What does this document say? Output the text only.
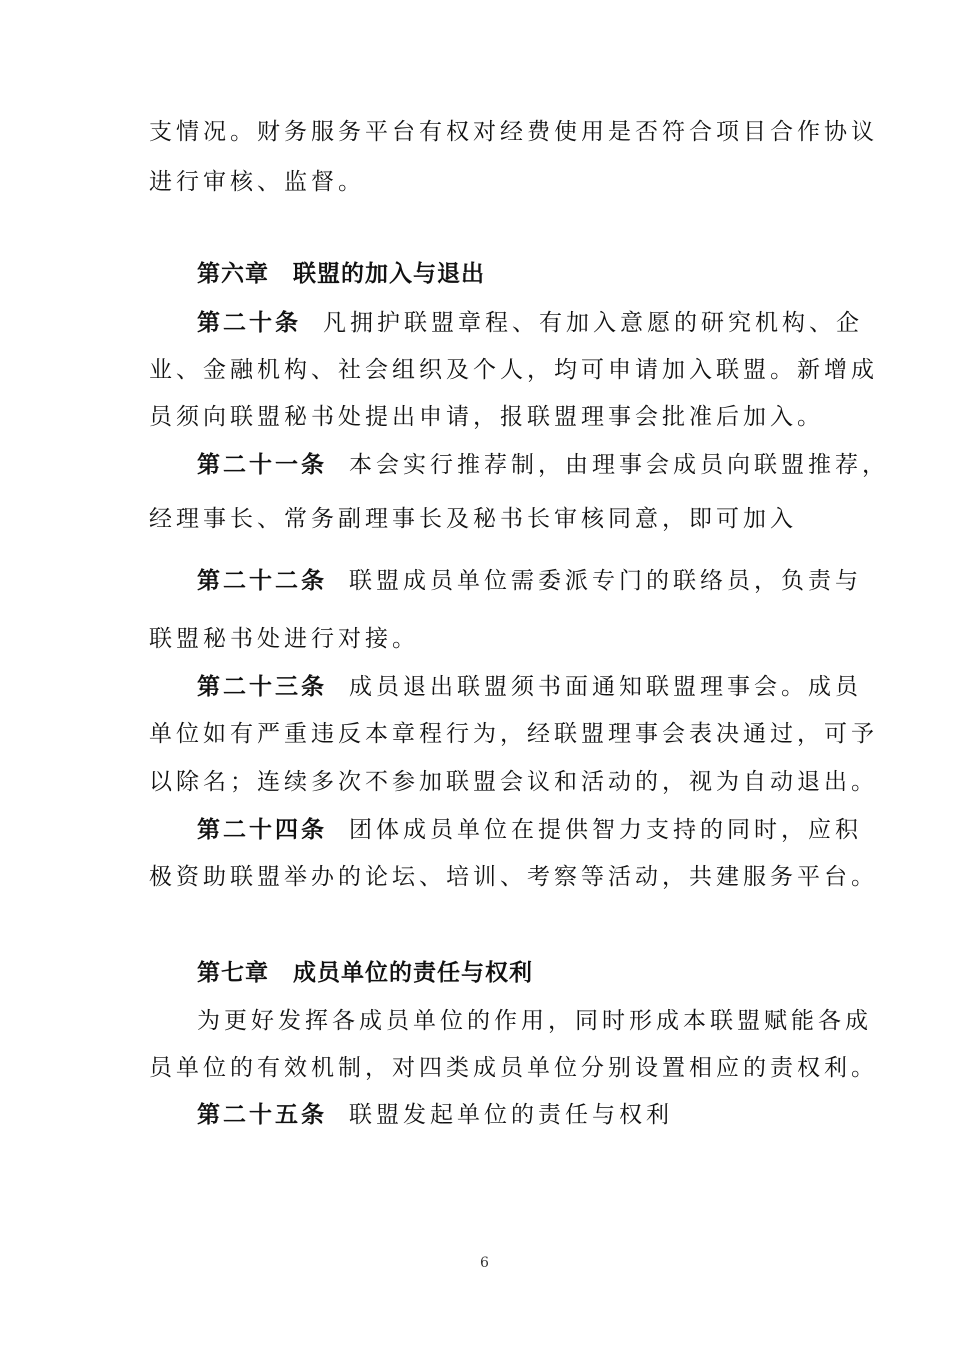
支情况。财务服务平台有权对经费使用是否符合项目合作协议
进行审核、监督。
第六章 联盟的加入与退出
第二十条 凡拥护联盟章程、有加入意愿的研究机构、企
业、金融机构、社会组织及个人，均可申请加入联盟。新增成
员须向联盟秘书处提出申请，报联盟理事会批准后加入。
第二十一条 本会实行推荐制，由理事会成员向联盟推荐，
经理事长、常务副理事长及秘书长审核同意，即可加入
第二十二条 联盟成员单位需委派专门的联络员，负责与
联盟秘书处进行对接。
第二十三条 成员退出联盟须书面通知联盟理事会。成员
单位如有严重违反本章程行为，经联盟理事会表决通过，可予
以除名；连续多次不参加联盟会议和活动的，视为自动退出。
第二十四条 团体成员单位在提供智力支持的同时，应积
极资助联盟举办的论坛、培训、考察等活动，共建服务平台。
第七章 成员单位的责任与权利
为更好发挥各成员单位的作用，同时形成本联盟赋能各成
员单位的有效机制，对四类成员单位分别设置相应的责权利。
第二十五条 联盟发起单位的责任与权利
6
